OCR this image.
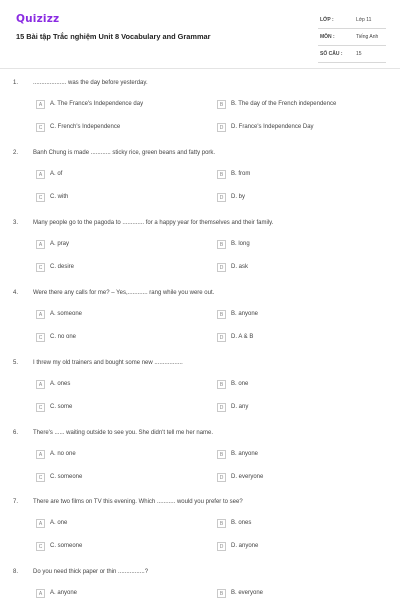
Quizizz
15 Bài tập Trắc nghiệm Unit 8 Vocabulary and Grammar
LỚP :	Lớp 11
MÔN :	Tiếng Anh
SỐ CÂU :	15
1. .................... was the day before yesterday.
A	A. The France's Independence day	B	B. The day of the French independence
C	C. French's Independence	D	D. France's Independence Day
2. Banh Chung is made ............ sticky rice, green beans and fatty pork.
A	A. of	B	B. from
C	C. with	D	D. by
3. Many people go to the pagoda to ............. for a happy year for themselves and their family.
A	A. pray	B	B. long
C	C. desire	D	D. ask
4. Were there any calls for me? – Yes,............ rang while you were out.
A	A. someone	B	B. anyone
C	C. no one	D	D. A & B
5. I threw my old trainers and bought some new .................
A	A. ones	B	B. one
C	C. some	D	D. any
6. There's ...... waiting outside to see you. She didn't tell me her name.
A	A. no one	B	B. anyone
C	C. someone	D	D. everyone
7. There are two films on TV this evening. Which ........... would you prefer to see?
A	A. one	B	B. ones
C	C. someone	D	D. anyone
8. Do you need thick paper or thin ................?
A	A. anyone	B	B. everyone
